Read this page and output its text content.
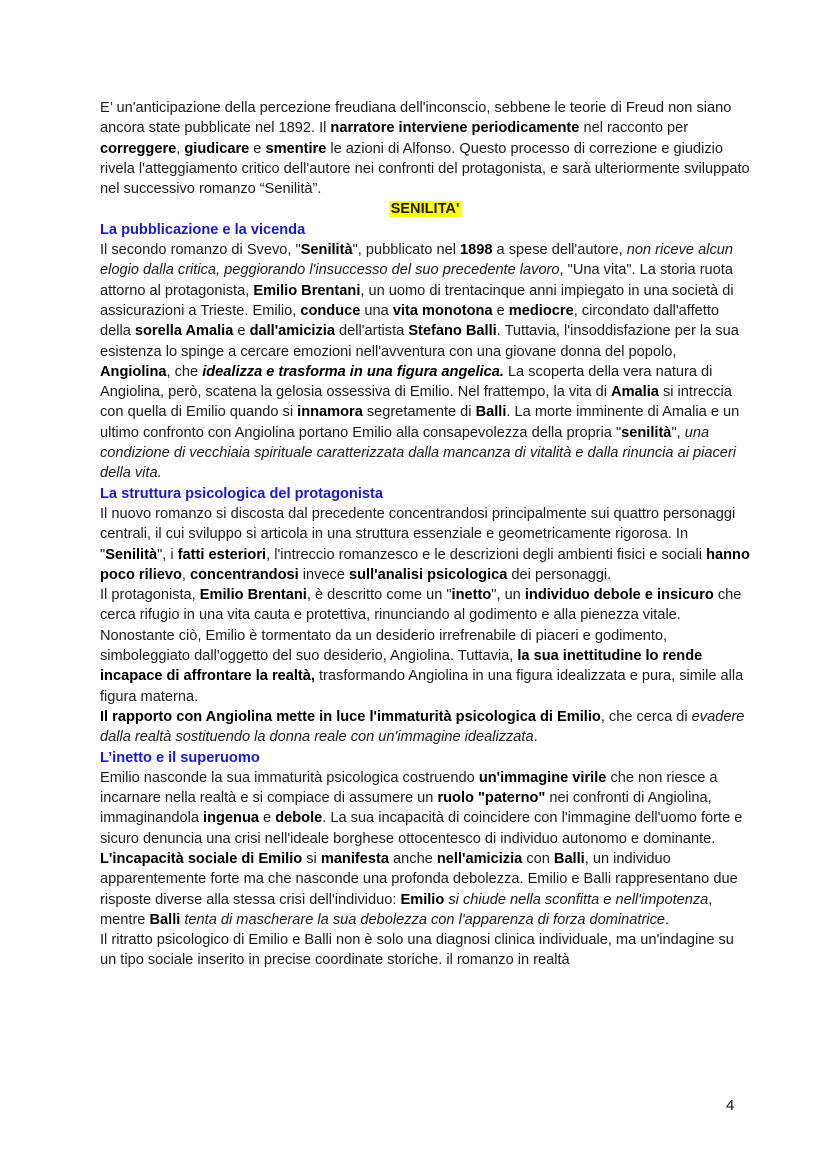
E’ un'anticipazione della percezione freudiana dell'inconscio, sebbene le teorie di Freud non siano ancora state pubblicate nel 1892. Il narratore interviene periodicamente nel racconto per correggere, giudicare e smentire le azioni di Alfonso. Questo processo di correzione e giudizio rivela l'atteggiamento critico dell'autore nei confronti del protagonista, e sarà ulteriormente sviluppato nel successivo romanzo “Senilità”.

SENILITA'

La pubblicazione e la vicenda

Il secondo romanzo di Svevo, "Senilità", pubblicato nel 1898 a spese dell'autore, non riceve alcun elogio dalla critica, peggiorando l'insuccesso del suo precedente lavoro, "Una vita". La storia ruota attorno al protagonista, Emilio Brentani, un uomo di trentacinque anni impiegato in una società di assicurazioni a Trieste. Emilio, conduce una vita monotona e mediocre, circondato dall'affetto della sorella Amalia e dall'amicizia dell'artista Stefano Balli. Tuttavia, l'insoddisfazione per la sua esistenza lo spinge a cercare emozioni nell'avventura con una giovane donna del popolo, Angiolina, che idealizza e trasforma in una figura angelica. La scoperta della vera natura di Angiolina, però, scatena la gelosia ossessiva di Emilio. Nel frattempo, la vita di Amalia si intreccia con quella di Emilio quando si innamora segretamente di Balli. La morte imminente di Amalia e un ultimo confronto con Angiolina portano Emilio alla consapevolezza della propria "senilità", una condizione di vecchiaia spirituale caratterizzata dalla mancanza di vitalità e dalla rinuncia ai piaceri della vita.

La struttura psicologica del protagonista

Il nuovo romanzo si discosta dal precedente concentrandosi principalmente sui quattro personaggi centrali, il cui sviluppo si articola in una struttura essenziale e geometricamente rigorosa. In "Senilità", i fatti esteriori, l'intreccio romanzesco e le descrizioni degli ambienti fisici e sociali hanno poco rilievo, concentrandosi invece sull'analisi psicologica dei personaggi.

Il protagonista, Emilio Brentani, è descritto come un "inetto", un individuo debole e insicuro che cerca rifugio in una vita cauta e protettiva, rinunciando al godimento e alla pienezza vitale. Nonostante ciò, Emilio è tormentato da un desiderio irrefrenabile di piaceri e godimento, simboleggiato dall'oggetto del suo desiderio, Angiolina. Tuttavia, la sua inettitudine lo rende incapace di affrontare la realtà, trasformando Angiolina in una figura idealizzata e pura, simile alla figura materna.

Il rapporto con Angiolina mette in luce l'immaturità psicologica di Emilio, che cerca di evadere dalla realtà sostituendo la donna reale con un'immagine idealizzata.

L’inetto e il superuomo

Emilio nasconde la sua immaturità psicologica costruendo un'immagine virile che non riesce a incarnare nella realtà e si compiace di assumere un ruolo "paterno" nei confronti di Angiolina, immaginandola ingenua e debole. La sua incapacità di coincidere con l'immagine dell'uomo forte e sicuro denuncia una crisi nell'ideale borghese ottocentesco di individuo autonomo e dominante.

L'incapacità sociale di Emilio si manifesta anche nell'amicizia con Balli, un individuo apparentemente forte ma che nasconde una profonda debolezza. Emilio e Balli rappresentano due risposte diverse alla stessa crisi dell'individuo: Emilio si chiude nella sconfitta e nell'impotenza, mentre Balli tenta di mascherare la sua debolezza con l'apparenza di forza dominatrice.

Il ritratto psicologico di Emilio e Balli non è solo una diagnosi clinica individuale, ma un'indagine su un tipo sociale inserito in precise coordinate storiche. il romanzo in realtà

4
